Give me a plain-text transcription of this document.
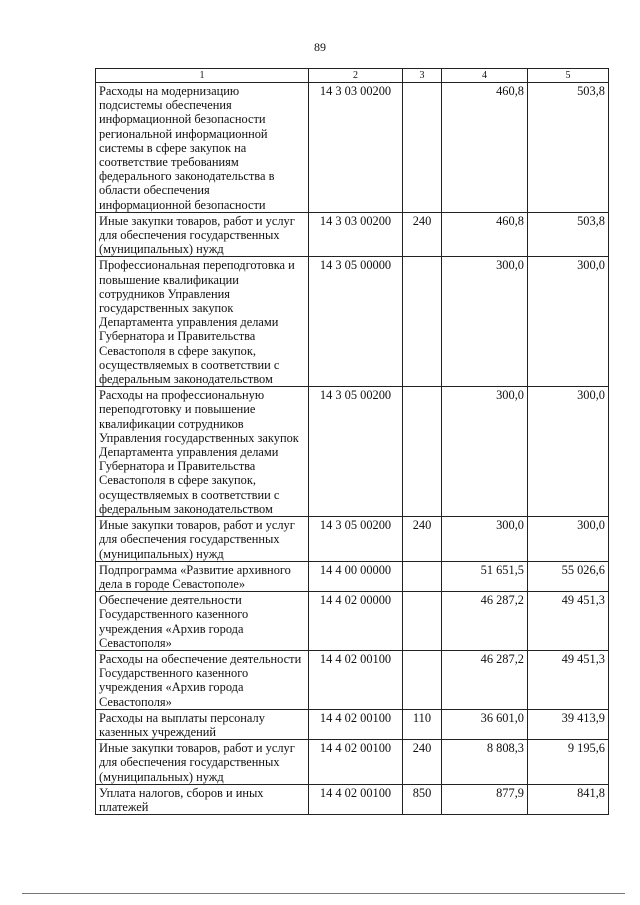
89
1	2	3	4	5
Расходы на модернизацию подсистемы обеспечения информационной безопасности региональной информационной системы в сфере закупок на соответствие требованиям федерального законодательства в области обеспечения информационной безопасности	14 3 03 00200		460,8	503,8
Иные закупки товаров, работ и услуг для обеспечения государственных (муниципальных) нужд	14 3 03 00200	240	460,8	503,8
Профессиональная переподготовка и повышение квалификации сотрудников Управления государственных закупок Департамента управления делами Губернатора и Правительства Севастополя в сфере закупок, осуществляемых в соответствии с федеральным законодательством	14 3 05 00000		300,0	300,0
Расходы на профессиональную переподготовку и повышение квалификации сотрудников Управления государственных закупок Департамента управления делами Губернатора и Правительства Севастополя в сфере закупок, осуществляемых в соответствии с федеральным законодательством	14 3 05 00200		300,0	300,0
Иные закупки товаров, работ и услуг для обеспечения государственных (муниципальных) нужд	14 3 05 00200	240	300,0	300,0
Подпрограмма «Развитие архивного дела в городе Севастополе»	14 4 00 00000		51 651,5	55 026,6
Обеспечение деятельности Государственного казенного учреждения «Архив города Севастополя»	14 4 02 00000		46 287,2	49 451,3
Расходы на обеспечение деятельности Государственного казенного учреждения «Архив города Севастополя»	14 4 02 00100		46 287,2	49 451,3
Расходы на выплаты персоналу казенных учреждений	14 4 02 00100	110	36 601,0	39 413,9
Иные закупки товаров, работ и услуг для обеспечения государственных (муниципальных) нужд	14 4 02 00100	240	8 808,3	9 195,6
Уплата налогов, сборов и иных платежей	14 4 02 00100	850	877,9	841,8
